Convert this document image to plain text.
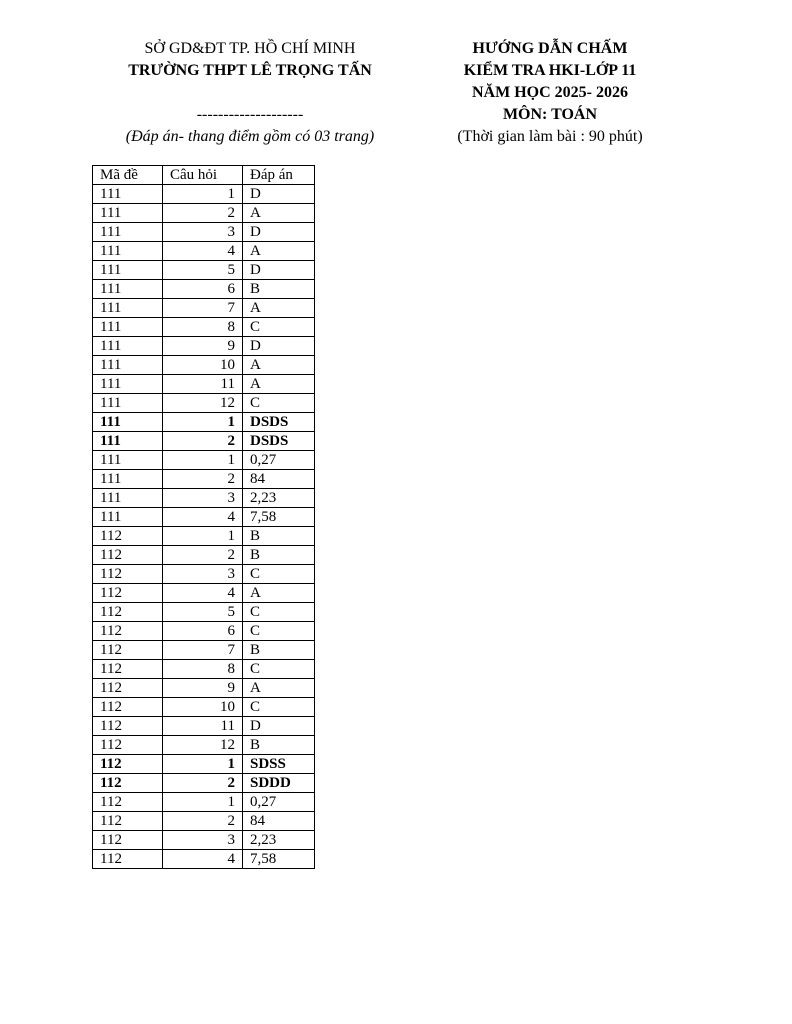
SỞ GD&ĐT TP. HỒ CHÍ MINH
TRƯỜNG THPT LÊ TRỌNG TẤN
--------------------
(Đáp án- thang điểm gồm có 03 trang)
HƯỚNG DẪN CHẤM
KIỂM TRA HKI-LỚP 11
NĂM HỌC 2025- 2026
MÔN: TOÁN
(Thời gian làm bài : 90 phút)
Mã đề	Câu hỏi	Đáp án
111	1	D
111	2	A
111	3	D
111	4	A
111	5	D
111	6	B
111	7	A
111	8	C
111	9	D
111	10	A
111	11	A
111	12	C
111	1	DSDS
111	2	DSDS
111	1	0,27
111	2	84
111	3	2,23
111	4	7,58
112	1	B
112	2	B
112	3	C
112	4	A
112	5	C
112	6	C
112	7	B
112	8	C
112	9	A
112	10	C
112	11	D
112	12	B
112	1	SDSS
112	2	SDDD
112	1	0,27
112	2	84
112	3	2,23
112	4	7,58
